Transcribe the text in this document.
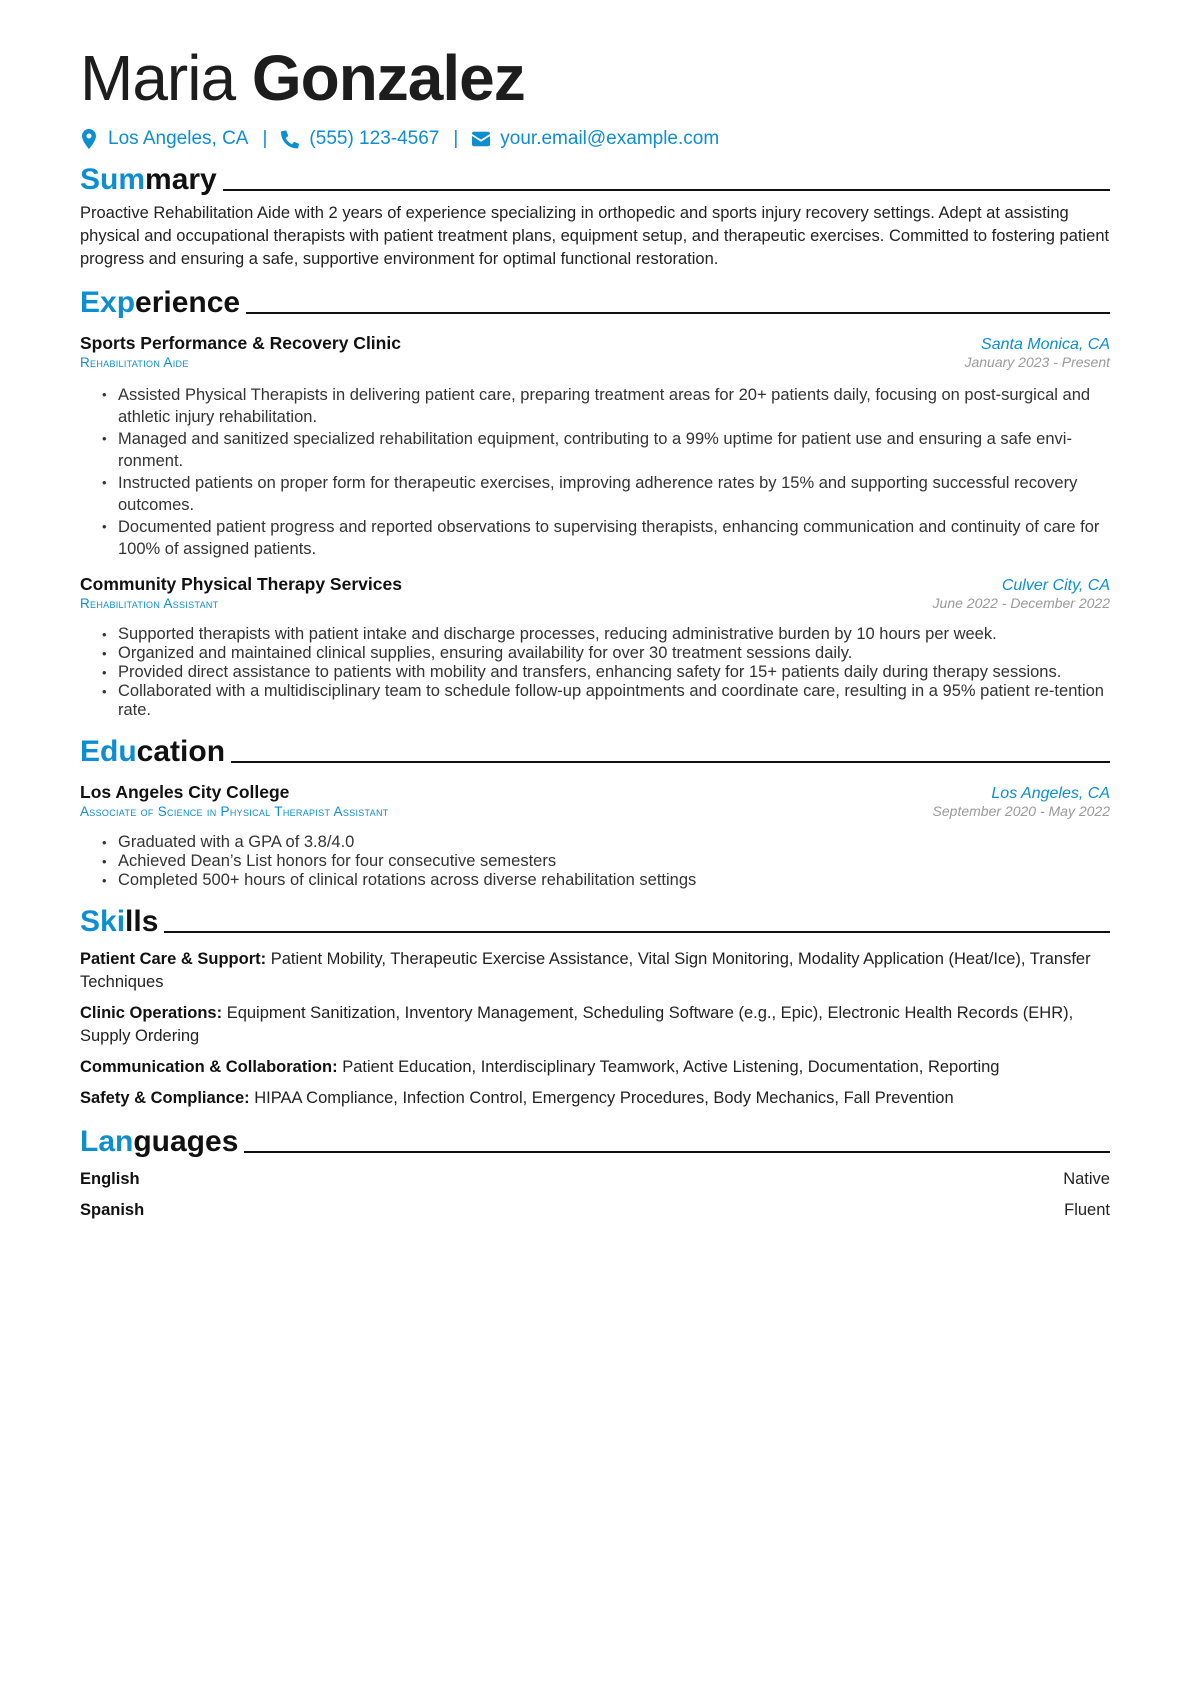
Maria Gonzalez
Los Angeles, CA | (555) 123-4567 | your.email@example.com
Summary

Proactive Rehabilitation Aide with 2 years of experience specializing in orthopedic and sports injury recovery settings. Adept at assisting physical and occupational therapists with patient treatment plans, equipment setup, and therapeutic exercises. Committed to fostering patient progress and ensuring a safe, supportive environment for optimal functional restoration.

Experience
Sports Performance & Recovery Clinic	Santa Monica, CA
Rehabilitation Aide	January 2023 - Present
• Assisted Physical Therapists in delivering patient care, preparing treatment areas for 20+ patients daily, focusing on post-surgical and athletic injury rehabilitation.
• Managed and sanitized specialized rehabilitation equipment, contributing to a 99% uptime for patient use and ensuring a safe envi-ronment.
• Instructed patients on proper form for therapeutic exercises, improving adherence rates by 15% and supporting successful recovery outcomes.
• Documented patient progress and reported observations to supervising therapists, enhancing communication and continuity of care for 100% of assigned patients.
Community Physical Therapy Services	Culver City, CA
Rehabilitation Assistant	June 2022 - December 2022
• Supported therapists with patient intake and discharge processes, reducing administrative burden by 10 hours per week.
• Organized and maintained clinical supplies, ensuring availability for over 30 treatment sessions daily.
• Provided direct assistance to patients with mobility and transfers, enhancing safety for 15+ patients daily during therapy sessions.
• Collaborated with a multidisciplinary team to schedule follow-up appointments and coordinate care, resulting in a 95% patient re-tention rate.
Education
Los Angeles City College	Los Angeles, CA
Associate of Science in Physical Therapist Assistant	September 2020 - May 2022
• Graduated with a GPA of 3.8/4.0
• Achieved Dean’s List honors for four consecutive semesters
• Completed 500+ hours of clinical rotations across diverse rehabilitation settings
Skills
Patient Care & Support: Patient Mobility, Therapeutic Exercise Assistance, Vital Sign Monitoring, Modality Application (Heat/Ice), Transfer Techniques
Clinic Operations: Equipment Sanitization, Inventory Management, Scheduling Software (e.g., Epic), Electronic Health Records (EHR), Supply Ordering
Communication & Collaboration: Patient Education, Interdisciplinary Teamwork, Active Listening, Documentation, Reporting
Safety & Compliance: HIPAA Compliance, Infection Control, Emergency Procedures, Body Mechanics, Fall Prevention
Languages
English	Native
Spanish	Fluent
